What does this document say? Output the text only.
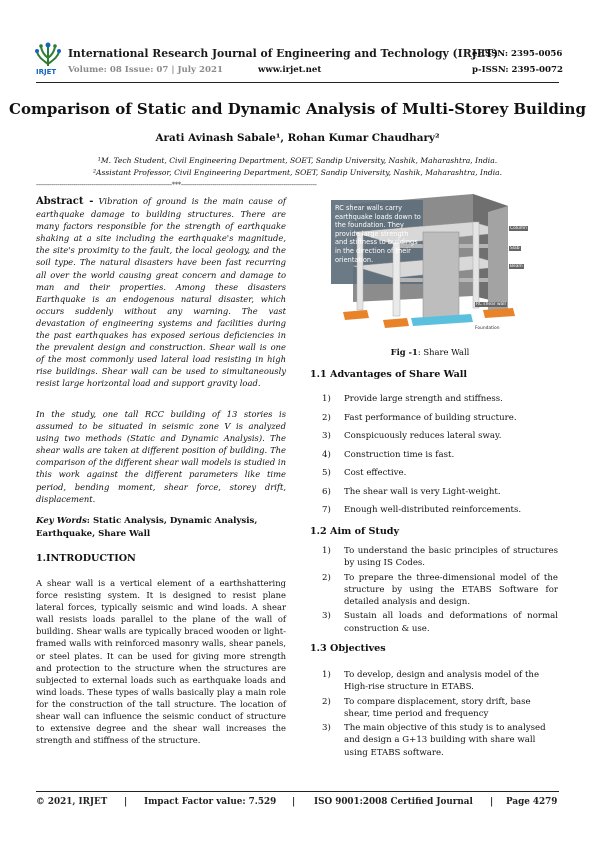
IRJET
International Research Journal of Engineering and Technology (IRJET)
Volume: 08 Issue: 07 | July 2021	www.irjet.net
e-ISSN: 2395-0056
p-ISSN: 2395-0072
Comparison of Static and Dynamic Analysis of Multi-Storey Building
Arati Avinash Sabale¹, Rohan Kumar Chaudhary²
¹M. Tech Student, Civil Engineering Department, SOET, Sandip University, Nashik, Maharashtra, India.
²Assistant Professor, Civil Engineering Department, SOET, Sandip University, Nashik, Maharashtra, India.
---------------------------------------------------------------------***---------------------------------------------------------------------

Abstract - Vibration of ground is the main cause of earthquake damage to building structures. There are many factors responsible for the strength of earthquake shaking at a site including the earthquake's magnitude, the site's proximity to the fault, the local geology, and the soil type. The natural disasters have been fast recurring all over the world causing great concern and damage to man and their properties. Among these disasters Earthquake is an endogenous natural disaster, which occurs suddenly without any warning. The vast devastation of engineering systems and facilities during the past earthquakes has exposed serious deficiencies in the prevalent design and construction. Shear wall is one of the most commonly used lateral load resisting in high rise buildings. Shear wall can be used to simultaneously resist large horizontal load and support gravity load.

In the study, one tall RCC building of 13 stories is assumed to be situated in seismic zone V is analyzed using two methods (Static and Dynamic Analysis). The shear walls are taken at different position of building. The comparison of the different shear wall models is studied in this work against the different parameters like time period, bending moment, shear force, storey drift, displacement.
Key Words: Static Analysis, Dynamic Analysis, Earthquake, Share Wall
1.INTRODUCTION
A shear wall is a vertical element of a earthshattering force resisting system. It is designed to resist plane lateral forces, typically seismic and wind loads. A shear wall resists loads parallel to the plane of the wall of building. Shear walls are typically braced wooden or light-framed walls with reinforced masonry walls, shear panels, or steel plates. It can be used for giving more strength and protection to the structure when the structures are subjected to external loads such as earthquake loads and wind loads. These types of walls basically play a main role for the construction of the tall structure. The location of shear wall can influence the seismic conduct of structure to extensive degree and the shear wall increases the strength and stiffness of the structure.
RC shear walls carry earthquake loads down to the foundation. They provide large strength and stiffness to buildings in the direction of their orientation.
Column
Slab
Beam
RC shear wall
Foundation
Fig -1: Share Wall
1.1 Advantages of Share Wall
1) Provide large strength and stiffness.
2) Fast performance of building structure.
3) Conspicuously reduces lateral sway.
4) Construction time is fast.
5) Cost effective.
6) The shear wall is very Light-weight.
7) Enough well-distributed reinforcements.
1.2 Aim of Study
1) To understand the basic principles of structures by using IS Codes.
2) To prepare the three-dimensional model of the structure by using the ETABS Software for detailed analysis and design.
3) Sustain all loads and deformations of normal construction & use.
1.3 Objectives
1) To develop, design and analysis model of the High-rise structure in ETABS.
2) To compare displacement, story drift, base shear, time period and frequency
3) The main objective of this study is to analysed and design a G+13 building with share wall using ETABS software.
© 2021, IRJET | Impact Factor value: 7.529 | ISO 9001:2008 Certified Journal | Page 4279
